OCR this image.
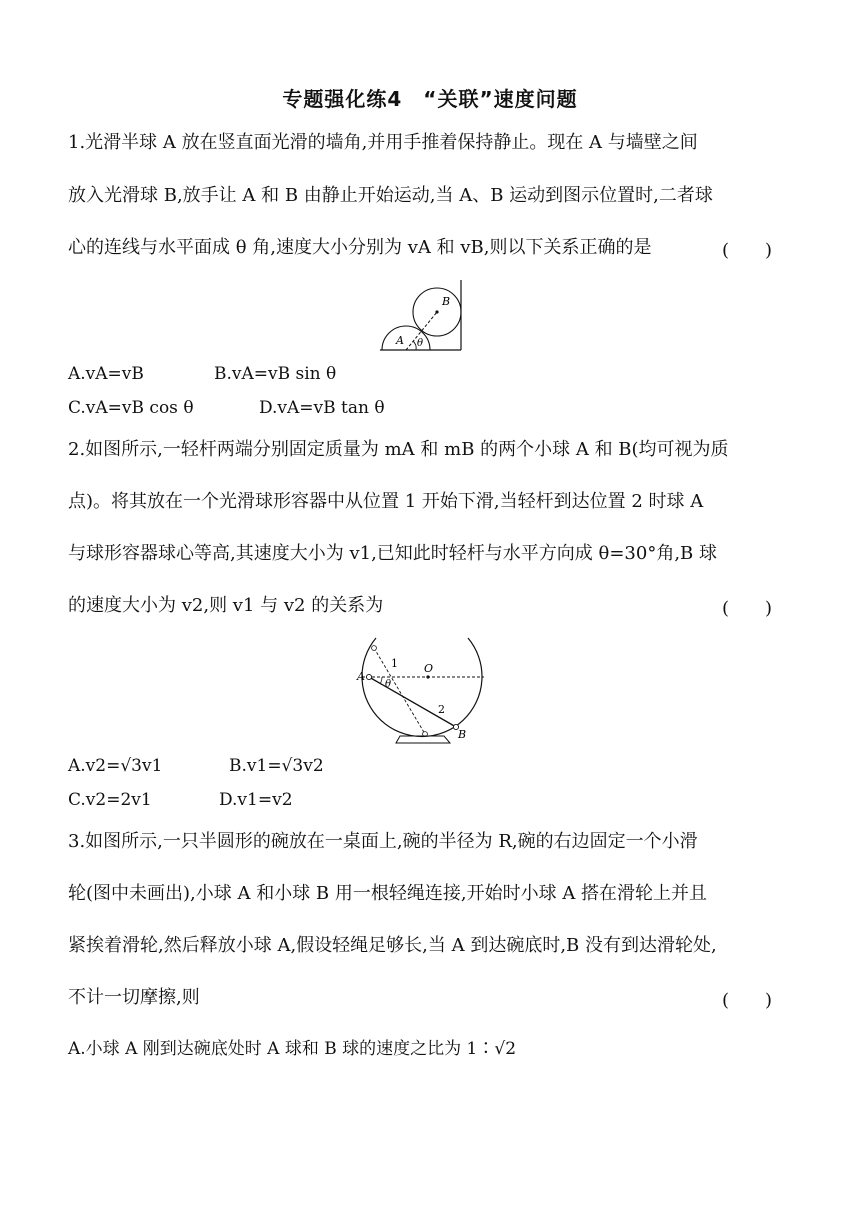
专题强化练4　“关联”速度问题
1.光滑半球 A 放在竖直面光滑的墙角,并用手推着保持静止。现在 A 与墙壁之间
放入光滑球 B,放手让 A 和 B 由静止开始运动,当 A、B 运动到图示位置时,二者球
心的连线与水平面成 θ 角,速度大小分别为 vA 和 vB,则以下关系正确的是	(　　)
B
A θ
A.vA=vB	B.vA=vB sin θ
C.vA=vB cos θ	D.vA=vB tan θ
2.如图所示,一轻杆两端分别固定质量为 mA 和 mB 的两个小球 A 和 B(均可视为质
点)。将其放在一个光滑球形容器中从位置 1 开始下滑,当轻杆到达位置 2 时球 A
与球形容器球心等高,其速度大小为 v1,已知此时轻杆与水平方向成 θ=30°角,B 球
的速度大小为 v2,则 v1 与 v2 的关系为	(　　)
A
B
O
1
2
θ
A.v2=√3v1	B.v1=√3v2
C.v2=2v1	D.v1=v2
3.如图所示,一只半圆形的碗放在一桌面上,碗的半径为 R,碗的右边固定一个小滑
轮(图中未画出),小球 A 和小球 B 用一根轻绳连接,开始时小球 A 搭在滑轮上并且
紧挨着滑轮,然后释放小球 A,假设轻绳足够长,当 A 到达碗底时,B 没有到达滑轮处,
不计一切摩擦,则	(　　)
A.小球 A 刚到达碗底处时 A 球和 B 球的速度之比为 1∶√2
